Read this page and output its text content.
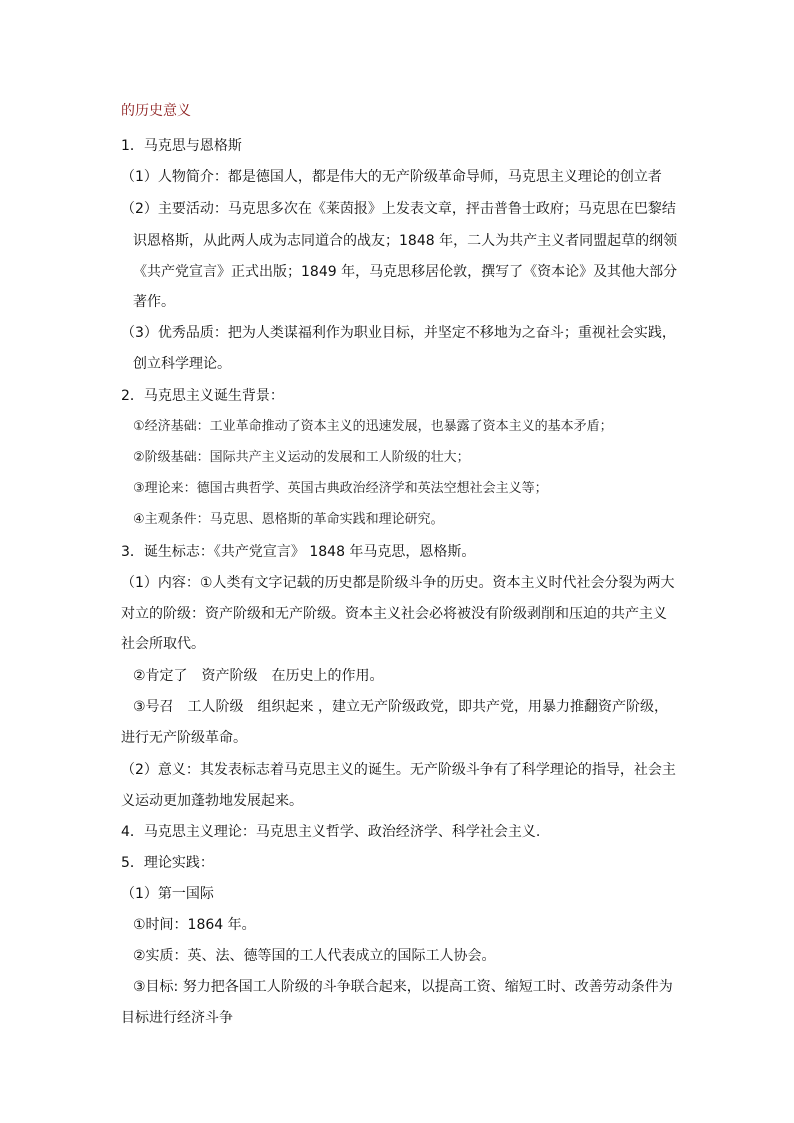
的历史意义
1．马克思与恩格斯
（1）人物简介：都是德国人，都是伟大的无产阶级革命导师，马克思主义理论的创立者
（2）主要活动：马克思多次在《莱茵报》上发表文章，抨击普鲁士政府；马克思在巴黎结
识恩格斯，从此两人成为志同道合的战友；1848 年，二人为共产主义者同盟起草的纲领
《共产党宣言》正式出版；1849 年，马克思移居伦敦，撰写了《资本论》及其他大部分
著作。
（3）优秀品质：把为人类谋福利作为职业目标，并坚定不移地为之奋斗；重视社会实践，
创立科学理论。
2．马克思主义诞生背景：
①经济基础：工业革命推动了资本主义的迅速发展，也暴露了资本主义的基本矛盾；
②阶级基础：国际共产主义运动的发展和工人阶级的壮大；
③理论来：德国古典哲学、英国古典政治经济学和英法空想社会主义等；
④主观条件：马克思、恩格斯的革命实践和理论研究。
3．诞生标志：《共产党宣言》 1848 年马克思，恩格斯。
（1）内容：①人类有文字记载的历史都是阶级斗争的历史。资本主义时代社会分裂为两大
对立的阶级：资产阶级和无产阶级。资本主义社会必将被没有阶级剥削和压迫的共产主义
社会所取代。
②肯定了　资产阶级　在历史上的作用。
③号召　工人阶级　组织起来 ，建立无产阶级政党，即共产党，用暴力推翻资产阶级，
进行无产阶级革命。
（2）意义：其发表标志着马克思主义的诞生。无产阶级斗争有了科学理论的指导，社会主
义运动更加蓬勃地发展起来。
4．马克思主义理论：马克思主义哲学、政治经济学、科学社会主义.
5．理论实践：
（1）第一国际
①时间：1864 年。
②实质：英、法、德等国的工人代表成立的国际工人协会。
③目标: 努力把各国工人阶级的斗争联合起来，以提高工资、缩短工时、改善劳动条件为
目标进行经济斗争
